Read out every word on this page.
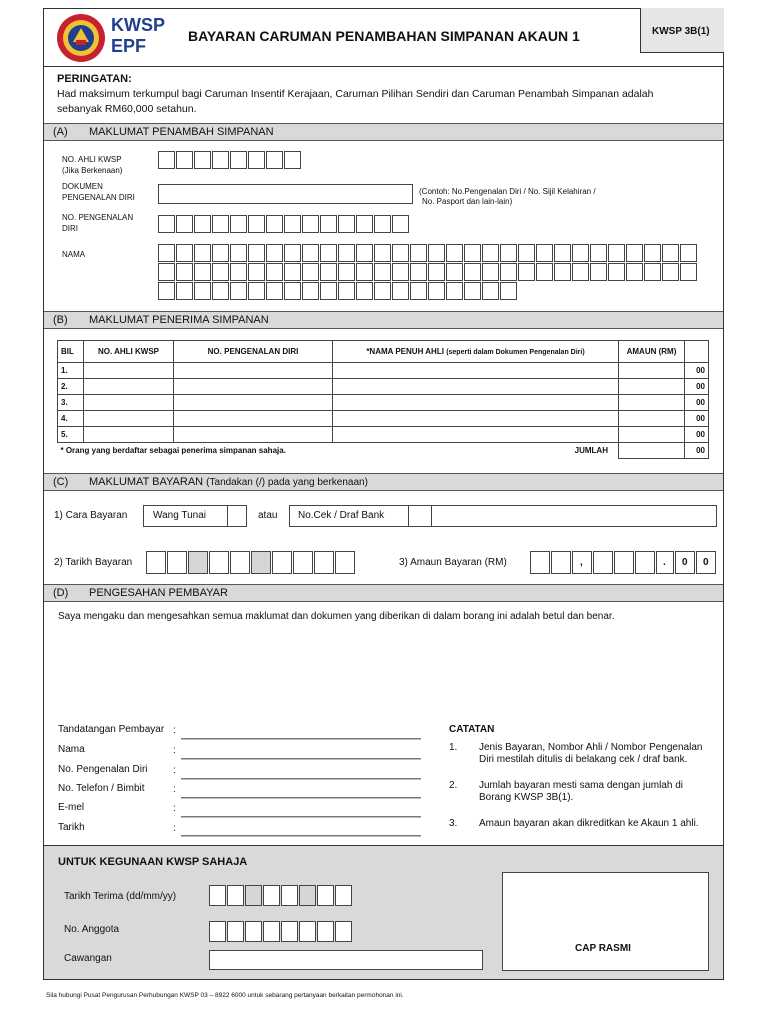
KWSP
EPF	BAYARAN CARUMAN PENAMBAHAN SIMPANAN AKAUN 1	KWSP 3B(1)
PERINGATAN:
Had maksimum terkumpul bagi Caruman Insentif Kerajaan, Caruman Pilihan Sendiri dan Caruman Penambah Simpanan adalah
sebanyak RM60,000 setahun.
(A) MAKLUMAT PENAMBAH SIMPANAN
NO. AHLI KWSP
(Jika Berkenaan)
DOKUMEN
PENGENALAN DIRI
(Contoh: No.Pengenalan Diri / No. Sijil Kelahiran /
No. Pasport dan lain-lain)
NO. PENGENALAN
DIRI
NAMA
(B) MAKLUMAT PENERIMA SIMPANAN
BIL	NO. AHLI KWSP	NO. PENGENALAN DIRI	*NAMA PENUH AHLI (seperti dalam Dokumen Pengenalan Diri)	AMAUN (RM)	
1.					00
2.					00
3.					00
4.					00
5.					00
* Orang yang berdaftar sebagai penerima simpanan sahaja. JUMLAH					00
(C) MAKLUMAT BAYARAN (Tandakan (/) pada yang berkenaan)
1) Cara Bayaran	Wang Tunai	atau No.Cek / Draf Bank
2) Tarikh Bayaran	3) Amaun Bayaran (RM)	,	. 0 0
(D) PENGESAHAN PEMBAYAR
Saya mengaku dan mengesahkan semua maklumat dan dokumen yang diberikan di dalam borang ini adalah betul dan benar.
Tandatangan Pembayar :
Nama	:
No. Pengenalan Diri	:
No. Telefon / Bimbit	:
E-mel	:
Tarikh	:
CATATAN
1. Jenis Bayaran, Nombor Ahli / Nombor Pengenalan
Diri mestilah ditulis di belakang cek / draf bank.
2. Jumlah bayaran mesti sama dengan jumlah di
Borang KWSP 3B(1).
3. Amaun bayaran akan dikreditkan ke Akaun 1 ahli.
UNTUK KEGUNAAN KWSP SAHAJA
Tarikh Terima (dd/mm/yy)
No. Anggota
Cawangan
CAP RASMI
Sila hubungi Pusat Pengurusan Perhubungan KWSP 03 – 8922 6000 untuk sebarang pertanyaan berkaitan permohonan ini.
